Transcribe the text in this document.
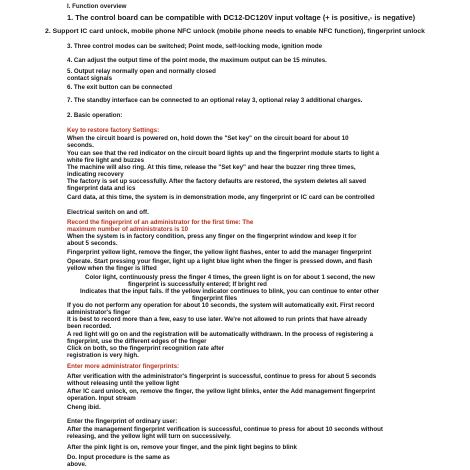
I. Function overview
1. The control board can be compatible with DC12-DC120V input voltage (+ is positive,- is negative)
2. Support IC card unlock, mobile phone NFC unlock (mobile phone needs to enable NFC function), fingerprint unlock
3. Three control modes can be switched; Point mode, self-locking mode, ignition mode
4. Can adjust the output time of the point mode, the maximum output can be 15 minutes.
5. Output relay normally open and normally closed
contact signals
6. The exit button can be connected
7. The standby interface can be connected to an optional relay 3, optional relay 3 additional charges.
2. Basic operation:
Key to restore factory Settings:
When the circuit board is powered on, hold down the "Set key" on the circuit board for about 10
seconds.
You can see that the red indicator on the circuit board lights up and the fingerprint module starts to light a
white fire light and buzzes
The machine will also ring. At this time, release the "Set key" and hear the buzzer ring three times,
indicating recovery
The factory is set up successfully. After the factory defaults are restored, the system deletes all saved
fingerprint data and ics
Card data, at this time, the system is in demonstration mode, any fingerprint or IC card can be controlled
Electrical switch on and off.
Record the fingerprint of an administrator for the first time: The
maximum number of administrators is 10
When the system is in factory condition, press any finger on the fingerprint window and keep it for
about 5 seconds.
Fingerprint yellow light, remove the finger, the yellow light flashes, enter to add the manager fingerprint
Operate. Start pressing your finger, light up a light blue light when the finger is pressed down, and flash
yellow when the finger is lifted
Color light, continuously press the finger 4 times, the green light is on for about 1 second, the new
fingerprint is successfully entered; If bright red
Indicates that the input fails. If the yellow indicator continues to blink, you can continue to enter other
fingerprint files
If you do not perform any operation for about 10 seconds, the system will automatically exit. First record
administrator's finger
It is best to record more than a few, easy to use later. We're not allowed to run prints that have already
been recorded.
A red light will go on and the registration will be automatically withdrawn. In the process of registering a
fingerprint, use the different edges of the finger
Click on both, so the fingerprint recognition rate after
registration is very high.
Enter more administrator fingerprints:
After verification with the administrator's fingerprint is successful, continue to press for about 5 seconds
without releasing until the yellow light
After IC card unlock, on, remove the finger, the yellow light blinks, enter the Add management fingerprint
operation. Input stream
Cheng ibid.
Enter the fingerprint of ordinary user:
After the management fingerprint verification is successful, continue to press for about 10 seconds without
releasing, and the yellow light will turn on successively.
After the pink light is on, remove your finger, and the pink light begins to blink
Do. Input procedure is the same as
above.
